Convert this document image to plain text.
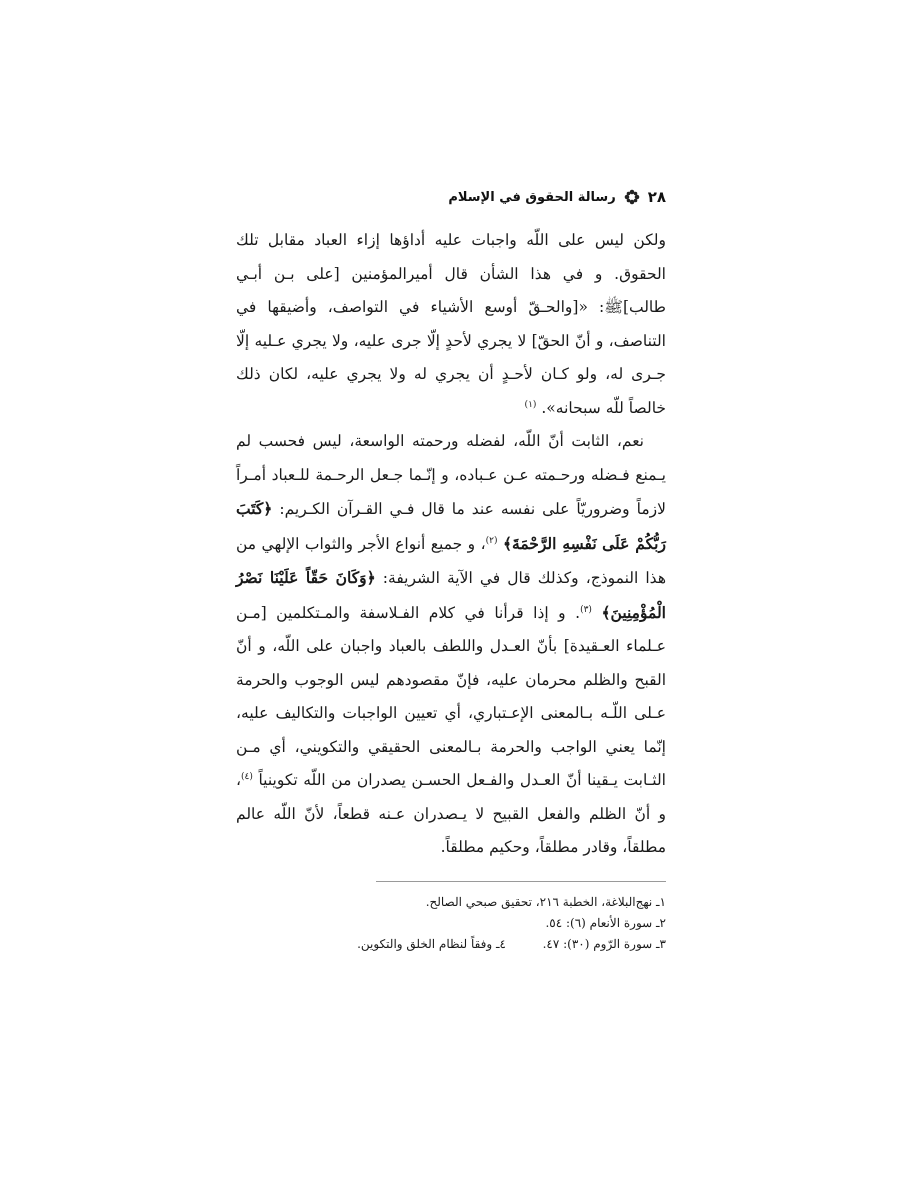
٢٨
رسالة الحقوق في الإسلام

ولكن ليس على اللّه واجبات عليه أداؤها إزاء العباد مقابل تلك الحقوق. و في هذا الشأن قال أميرالمؤمنين [على بـن أبـي طالب]ﷺ: «[والحـقّ أوسع الأشياء في التواصف، وأضيقها في التناصف، و أنّ الحقّ] لا يجري لأحدٍ إلّا جرى عليه، ولا يجري عـليه إلّا جـرى له، ولو كـان لأحـدٍ أن يجري له ولا يجري عليه، لكان ذلك خالصاً للّه سبحانه». $^{(١)}$

نعم، الثابت أنّ اللّه، لفضله ورحمته الواسعة، ليس فحسب لم يـمنع فـضله ورحـمته عـن عـباده، و إنّـما جـعل الرحـمة للـعباد أمـراً لازماً وضروريّاً على نفسه عند ما قال فـي القـرآن الكـريم: ﴿كَتَبَ رَبُّكُمْ عَلَى نَفْسِهِ الرَّحْمَةَ﴾ $^{(٢)}$، و جميع أنواع الأجر والثواب الإلهي من هذا النموذج، وكذلك قال في الآية الشريفة: ﴿وَكَانَ حَقّاً عَلَيْنَا نَصْرُ الْمُؤْمِنِينَ﴾ $^{(٣)}$. و إذا قرأنا في كلام الفـلاسفة والمـتكلمين [مـن عـلماء العـقيدة] بأنّ العـدل واللطف بالعباد واجبان على اللّه، و أنّ القبح والظلم محرمان عليه، فإنّ مقصودهم ليس الوجوب والحرمة عـلى اللّـه بـالمعنى الإعـتباري، أي تعيين الواجبات والتكاليف عليه، إنّما يعني الواجب والحرمة بـالمعنى الحقيقي والتكويني، أي مـن الثـابت يـقينا أنّ العـدل والفـعل الحسـن يصدران من اللّه تكوينياً $^{(٤)}$، و أنّ الظلم والفعل القبيح لا يـصدران عـنه قطعاً، لأنّ اللّه عالم مطلقاً، وقادر مطلقاً، وحكيم مطلقاً.

١ـ نهج‌البلاغة، الخطبة ٢١٦، تحقيق صبحي الصالح.
٢ـ سورة الأنعام (٦): ٥٤.
٣ـ سورة الرّوم (٣٠): ٤٧.
٤ـ وفقاً لنظام الخلق والتكوين.
